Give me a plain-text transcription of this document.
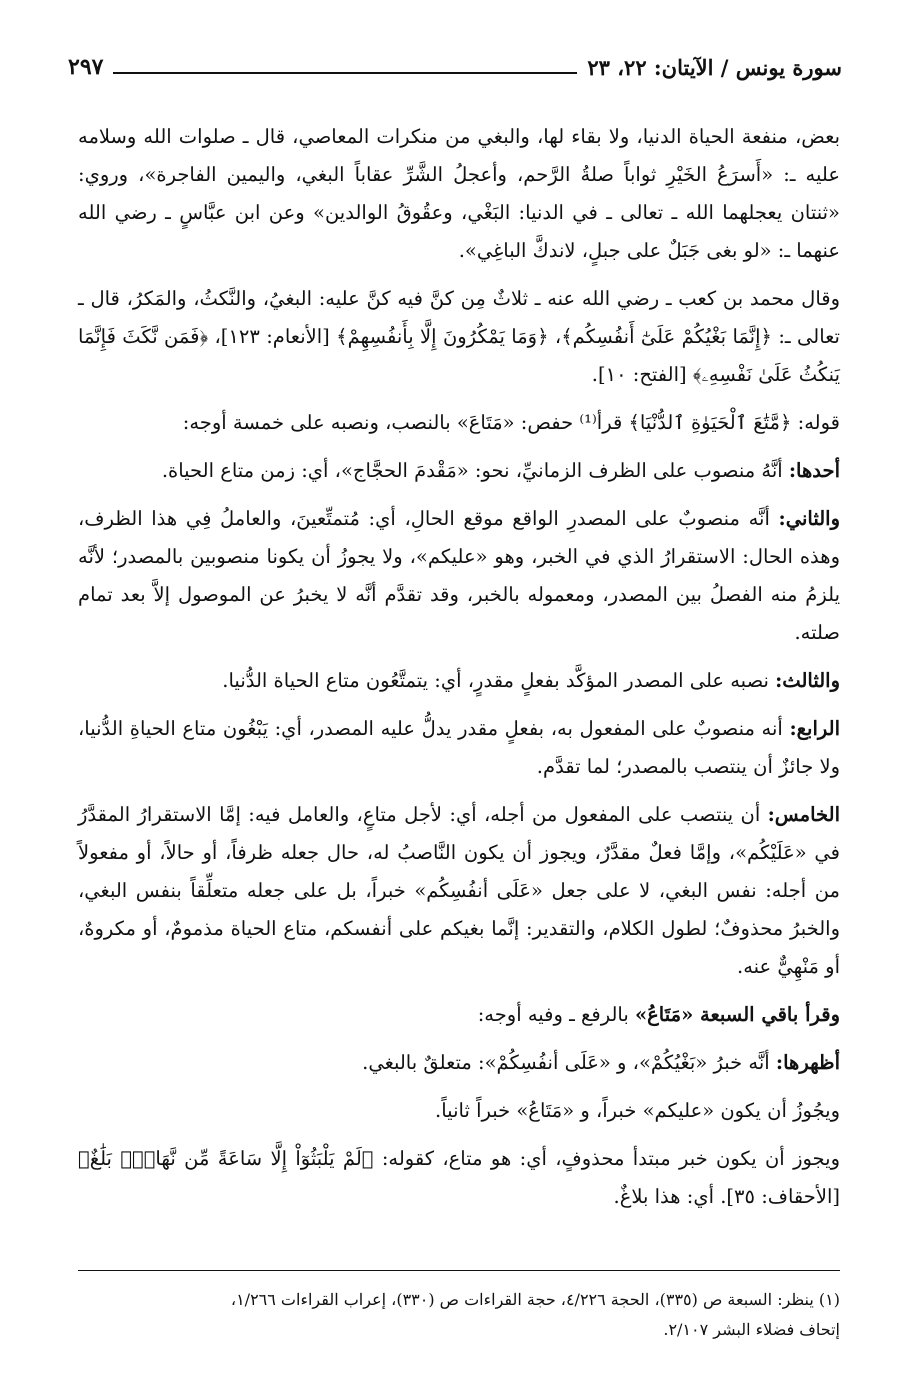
سورة يونس / الآيتان: ٢٢، ٢٣
٢٩٧

بعض، منفعة الحياة الدنيا، ولا بقاء لها، والبغي من منكرات المعاصي، قال ـ صلوات الله وسلامه عليه ـ: «أَسرَعُ الخَيْرِ ثواباً صلةُ الرَّحم، وأعجلُ الشَّرِّ عقاباً البغي، واليمين الفاجرة»، وروي: «ثنتان يعجلهما الله ـ تعالى ـ في الدنيا: البَغْي، وعقُوقُ الوالدين» وعن ابن عبَّاسٍ ـ رضي الله عنهما ـ: «لو بغى جَبَلٌ على جبلٍ، لاندكَّ الباغِي».

وقال محمد بن كعب ـ رضي الله عنه ـ ثلاثٌ مِن كنَّ فيه كنَّ عليه: البغيُ، والنَّكثُ، والمَكرُ، قال ـ تعالى ـ: ﴿إِنَّمَا بَغْيُكُمْ عَلَىٰٓ أَنفُسِكُم﴾، ﴿وَمَا يَمْكُرُونَ إِلَّا بِأَنفُسِهِمْ﴾ [الأنعام: ١٢٣]، ﴿فَمَن نَّكَثَ فَإِنَّمَا يَنكُثُ عَلَىٰ نَفْسِهِۦ﴾ [الفتح: ١٠].

قوله: ﴿مَّتَٰعَ ٱلْحَيَوٰةِ ٱلدُّنْيَا﴾ قرأ⁽¹⁾ حفص: «مَتَاعَ» بالنصب، ونصبه على خمسة أوجه:

أحدها: أنَّهُ منصوب على الظرف الزمانيِّ، نحو: «مَقْدمَ الحجَّاج»، أي: زمن متاع الحياة.

والثاني: أنَّه منصوبٌ على المصدرِ الواقع موقع الحالِ، أي: مُتمتِّعينَ، والعاملُ فِي هذا الظرف، وهذه الحال: الاستقرارُ الذي في الخبر، وهو «عليكم»، ولا يجوزُ أن يكونا منصوبين بالمصدر؛ لأنَّه يلزمُ منه الفصلُ بين المصدر، ومعموله بالخبر، وقد تقدَّم أنَّه لا يخبرُ عن الموصول إلاَّ بعد تمام صلته.

والثالث: نصبه على المصدر المؤكَّد بفعلٍ مقدرٍ، أي: يتمتَّعُون متاع الحياة الدُّنيا.

الرابع: أنه منصوبٌ على المفعول به، بفعلٍ مقدر يدلُّ عليه المصدر، أي: يَبْغُون متاع الحياةِ الدُّنيا، ولا جائزٌ أن ينتصب بالمصدر؛ لما تقدَّم.

الخامس: أن ينتصب على المفعول من أجله، أي: لأجل متاعٍ، والعامل فيه: إمَّا الاستقرارُ المقدَّرُ في «عَلَيْكُم»، وإمَّا فعلٌ مقدَّرٌ، ويجوز أن يكون النَّاصبُ له، حال جعله ظرفاً، أو حالاً، أو مفعولاً من أجله: نفس البغي، لا على جعل «عَلَى أنفُسِكُم» خبراً، بل على جعله متعلِّقاً بنفس البغي، والخبرُ محذوفٌ؛ لطول الكلام، والتقدير: إنَّما بغيكم على أنفسكم، متاع الحياة مذمومٌ، أو مكروهٌ، أو مَنْهِيٌّ عنه.

وقرأ باقي السبعة «مَتَاعُ» بالرفع ـ وفيه أوجه:

أظهرها: أنَّه خبرُ «بَغْيُكُمْ»، و «عَلَى أنفُسِكُمْ»: متعلقٌ بالبغي.

ويجُوزُ أن يكون «عليكم» خبراً، و «مَتَاعُ» خبراً ثانياً.

ويجوز أن يكون خبر مبتدأ محذوفٍ، أي: هو متاع، كقوله: ﴿لَمْ يَلْبَثُوٓاْ إِلَّا سَاعَةً مِّن نَّهَارٍۭ بَلَٰغٌ﴾ [الأحقاف: ٣٥]. أي: هذا بلاغٌ.

(١) ينظر: السبعة ص (٣٣٥)، الحجة ٤/٢٢٦، حجة القراءات ص (٣٣٠)، إعراب القراءات ١/٢٦٦،

إتحاف فضلاء البشر ٢/١٠٧.
